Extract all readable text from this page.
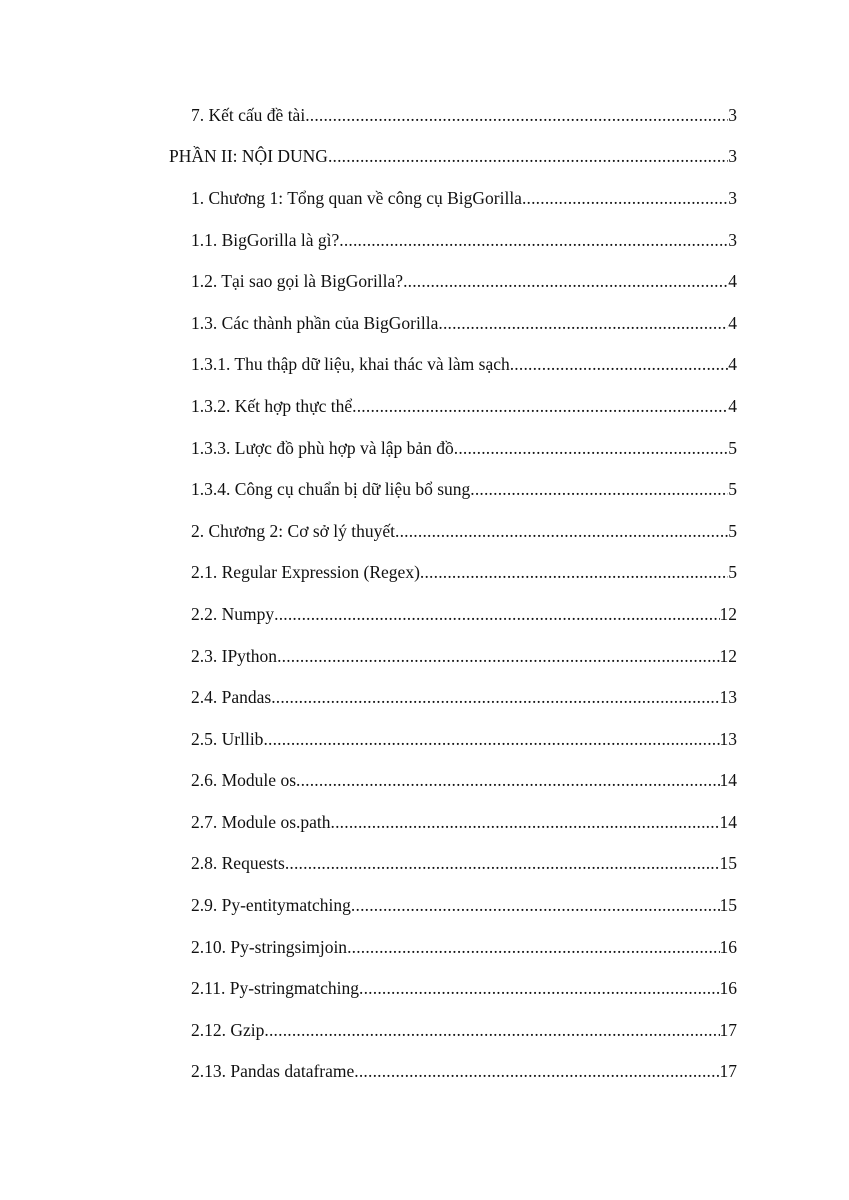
7. Kết cấu đề tài .....	3
PHẦN II: NỘI DUNG .....	3
1. Chương 1: Tổng quan về công cụ BigGorilla .....	3
1.1. BigGorilla là gì? .....	3
1.2. Tại sao gọi là BigGorilla? .....	4
1.3. Các thành phần của BigGorilla .....	4
1.3.1. Thu thập dữ liệu, khai thác và làm sạch .....	4
1.3.2. Kết hợp thực thể .....	4
1.3.3. Lược đồ phù hợp và lập bản đồ .....	5
1.3.4. Công cụ chuẩn bị dữ liệu bổ sung .....	5
2. Chương 2: Cơ sở lý thuyết .....	5
2.1. Regular Expression (Regex) .....	5
2.2. Numpy .....	12
2.3. IPython .....	12
2.4. Pandas .....	13
2.5. Urllib .....	13
2.6. Module os .....	14
2.7. Module os.path .....	14
2.8. Requests .....	15
2.9. Py-entitymatching .....	15
2.10. Py-stringsimjoin .....	16
2.11. Py-stringmatching .....	16
2.12. Gzip .....	17
2.13. Pandas dataframe .....	17
